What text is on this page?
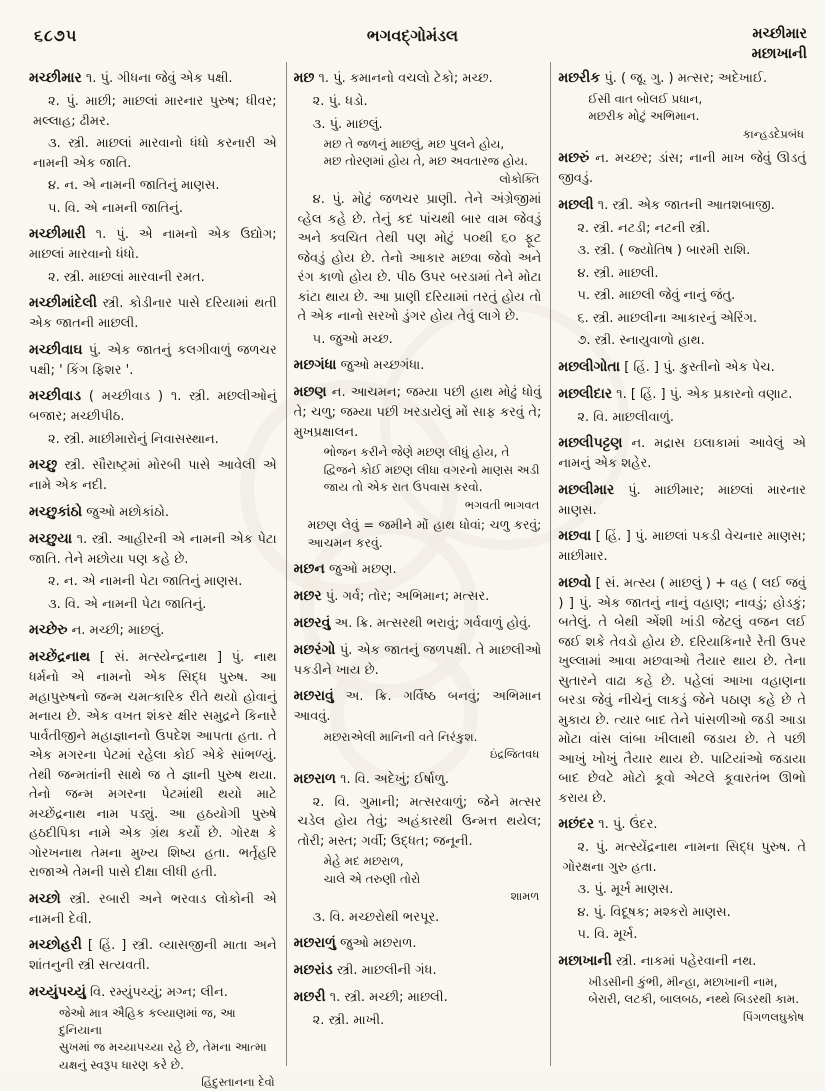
૬૮૭૫	ભગવદ્ગોમંડલ	મચ્છીમાર
મછાખાની

મચ્છીમાર ૧. પું. ગીધના જેવું એક પક્ષી.

૨. પું. માછી; માછલાં મારનાર પુરુષ; ધીવર; મલ્લાહ; ઢીમર.

૩. સ્ત્રી. માછલાં મારવાનો ધંધો કરનારી એ નામની એક જાતિ.

૪. ન. એ નામની જાતિનું માણસ.

૫. વિ. એ નામની જાતિનું.

મચ્છીમારી ૧. પું. એ નામનો એક ઉદ્યોગ; માછલાં મારવાનો ધંધો.

૨. સ્ત્રી. માછલાં મારવાની રમત.

મચ્છીમાંદેલી સ્ત્રી. કોડીનાર પાસે દરિયામાં થતી એક જાતની માછલી.

મચ્છીવાઘ પું. એક જાતનું કલગીવાળું જળચર પક્ષી; ' કિંગ ફિશર '.

મચ્છીવાડ ( મચ્છીવાડ ) ૧. સ્ત્રી. મછલીઓનું બજાર; મચ્છીપીઠ.

૨. સ્ત્રી. માછીમારોનું નિવાસસ્થાન.

મચ્છુ સ્ત્રી. સૌરાષ્ટ્રમાં મોરબી પાસે આવેલી એ નામે એક નદી.

મચ્છુકાંઠો જુઓ મછોકાંઠો.

મચ્છુયા ૧. સ્ત્રી. આહીરની એ નામની એક પેટા જાતિ. તેને મછોયા પણ કહે છે.

૨. ન. એ નામની પેટા જાતિનું માણસ.

૩. વિ. એ નામની પેટા જાતિનું.

મચ્છેરુ ન. મચ્છી; માછલું.

મચ્છેંદ્રનાથ [ સં. મત્સ્યેન્દ્રનાથ ] પું. નાથ ધર્મનો એ નામનો એક સિદ્ધ પુરુષ. આ મહાપુરુષનો જન્મ ચમત્કારિક રીતે થયો હોવાનું મનાય છે. એક વખત શંકર ક્ષીર સમુદ્રને કિનારે પાર્વતીજીને મહાજ્ઞાનનો ઉપદેશ આપતા હતા. તે એક મગરના પેટમાં રહેલા કોઈ એકે સાંભળ્યું. તેથી જન્મતાંની સાથે જ તે જ્ઞાની પુરુષ થયા. તેનો જન્મ મગરના પેટમાંથી થયો માટે મચ્છેંદ્રનાથ નામ પડ્યું. આ હઠયોગી પુરુષે હઠદીપિકા નામે એક ગ્રંથ કર્યો છે. ગોરક્ષ કે ગોરખનાથ તેમના મુખ્ય શિષ્ય હતા. ભર્તૃહરિ રાજાએ તેમની પાસે દીક્ષા લીધી હતી.

મચ્છો સ્ત્રી. રબારી અને ભરવાડ લોકોની એ નામની દેવી.

મચ્છોહરી [ હિં. ] સ્ત્રી. વ્યાસજીની માતા અને શાંતનુની સ્ત્રી સત્યવતી.

મચ્યુંપચ્યું વિ. રમ્યુંપચ્યું; મગ્ન; લીન.

જેઓ માત્ર ઐહિક કલ્યાણમાં જ, આ દુનિયાના
સુખમાં જ મચ્યાપચ્યા રહે છે, તેમના આત્મા
યક્ષનું સ્વરૂપ ધારણ કરે છે.
હિંદુસ્તાનના દેવો

મછ ૧. પું. કમાનનો વચલો ટેકો; મચ્છ.

૨. પું. ધડો.

૩. પું. માછલું.

મછ તે જળનું માછલું, મછ પુલને હોય,
મછ તોરણમાં હોય તે, મછ અવતારજ હોય.
લોકોક્તિ

૪. પું. મોટું જળચર પ્રાણી. તેને અંગ્રેજીમાં વ્હેલ કહે છે. તેનું કદ પાંચથી બાર વામ જેવડું અને ક્વચિત તેથી પણ મોટું ૫૦થી ૬૦ ફૂટ જેવડું હોય છે. તેનો આકાર મછવા જેવો અને રંગ કાળો હોય છે. પીઠ ઉપર બરડામાં તેને મોટા કાંટા થાય છે. આ પ્રાણી દરિયામાં તરતું હોય તો તે એક નાનો સરખો ડુંગર હોય તેવું લાગે છે.

૫. જુઓ મચ્છ.

મછગંધા જુઓ મચ્છગંધા.

મછણ ન. આચમન; જમ્યા પછી હાથ મોઢું ધોવું તે; ચળુ; જમ્યા પછી ખરડાયેલું મોં સાફ કરવું તે; મુખપ્રક્ષાલન.

ભોજન કરીને જેણે મછણ લીધું હોય, તે
દ્વિજને કોઈ મછણ લીધા વગરનો માણસ અડી
જાય તો એક રાત ઉપવાસ કરવો.
ભગવતી ભાગવત

મછણ લેવું = જમીને મોં હાથ ધોવાં; ચળુ કરવું; આચમન કરવું.

મછન જુઓ મછણ.

મછર પું. ગર્વ; તોર; અભિમાન; મત્સર.

મછરવું અ. ક્રિ. મત્સરથી ભરાવું; ગર્વવાળું હોવું.

મછરંગો પું. એક જાતનું જળપક્ષી. તે માછલીઓ પકડીને ખાય છે.

મછરાવું અ. ક્રિ. ગર્વિષ્ઠ બનવું; અભિમાન આવવું.

મછરાએલી માનિની વતે નિરંકુશ.
ઇંદ્રજિતવધ

મછરાળ ૧. વિ. અદેખું; ઈર્ષાળુ.

૨. વિ. ગુમાની; મત્સરવાળું; જેને મત્સર ચડેલ હોય તેવું; અહંકારથી ઉન્મત્ત થયેલ; તોરી; મસ્ત; ગર્વી; ઉદ્ધત; જનૂની.

મેહે મદ મછરાળ,
ચાલે એ તરુણી તોરો
શામળ

૩. વિ. મચ્છરોથી ભરપૂર.

મછરાળું જુઓ મછરાળ.

મછરાંડ સ્ત્રી. માછલીની ગંધ.

મછરી ૧. સ્ત્રી. મચ્છી; માછલી.

૨. સ્ત્રી. માખી.

મછરીક પું. ( જૂ. ગુ. ) મત્સર; અદેખાઈ.

ઈસી વાત બોલઈ પ્રધાન,
મછરીક મોટું અભિમાન.
કાન્હડદેપ્રબંધ

મછરું ન. મચ્છર; ડાંસ; નાની માખ જેવું ઊડતું જીવડું.

મછલી ૧. સ્ત્રી. એક જાતની આતશબાજી.

૨. સ્ત્રી. નટડી; નટની સ્ત્રી.

૩. સ્ત્રી. ( જ્યોતિષ ) બારમી રાશિ.

૪. સ્ત્રી. માછલી.

૫. સ્ત્રી. માછલી જેવું નાનું જંતુ.

૬. સ્ત્રી. માછલીના આકારનું એરિંગ.

૭. સ્ત્રી. સ્નાયુવાળો હાથ.

મછલીગોતા [ હિં. ] પું. કુસ્તીનો એક પેચ.

મછલીદાર ૧. [ હિં. ] પું. એક પ્રકારનો વણાટ.

૨. વિ. માછલીવાળું.

મછલીપટ્ટણ ન. મદ્રાસ ઇલાકામાં આવેલું એ નામનું એક શહેર.

મછલીમાર પું. માછીમાર; માછલાં મારનાર માણસ.

મછવા [ હિં. ] પું. માછલાં પકડી વેચનાર માણસ; માછીમાર.

મછવો [ સં. મત્સ્ય ( માછલું ) + વહ ( લઈ જવું ) ] પું. એક જાતનું નાનું વહાણ; નાવડું; હોડકું; બતેલું. તે બેથી એંશી ખાંડી જેટલું વજન લઈ જઈ શકે તેવડો હોય છે. દરિયાકિનારે રેતી ઉપર ખુલ્લામાં આવા મછવાઓ તૈયાર થાય છે. તેના સુતારને વાઢા કહે છે. પહેલાં આખા વહાણના બરડા જેવું નીચેનું લાકડું જેને પઠાણ કહે છે તે મુકાય છે. ત્યાર બાદ તેને પાંસળીઓ જડી આડા મોટા વાંસ લાંબા ખીલાથી જડાય છે. તે પછી આખું ખોખું તૈયાર થાય છે. પાટિયાંઓ જડાયા બાદ છેવટે મોટો કૂવો એટલે કૂવારતંભ ઊભો કરાય છે.

મછંદર ૧. પું. ઉંદર.

૨. પું. મત્સ્યેંદ્રનાથ નામના સિદ્ધ પુરુષ. તે ગોરક્ષના ગુરુ હતા.

૩. પું. મૂર્ખ માણસ.

૪. પું. વિદૂષક; મશ્કરો માણસ.

૫. વિ. મૂર્ખ.

મછાખાની સ્ત્રી. નાકમાં પહેરવાની નથ.

ખીડસીની કુંભી, મીન્હા, મછાખાની નામ,
બેરારી, લટકી, બાલબઠ, નથ્થે બિડરથી કામ.
પિંગળલઘુકોષ
